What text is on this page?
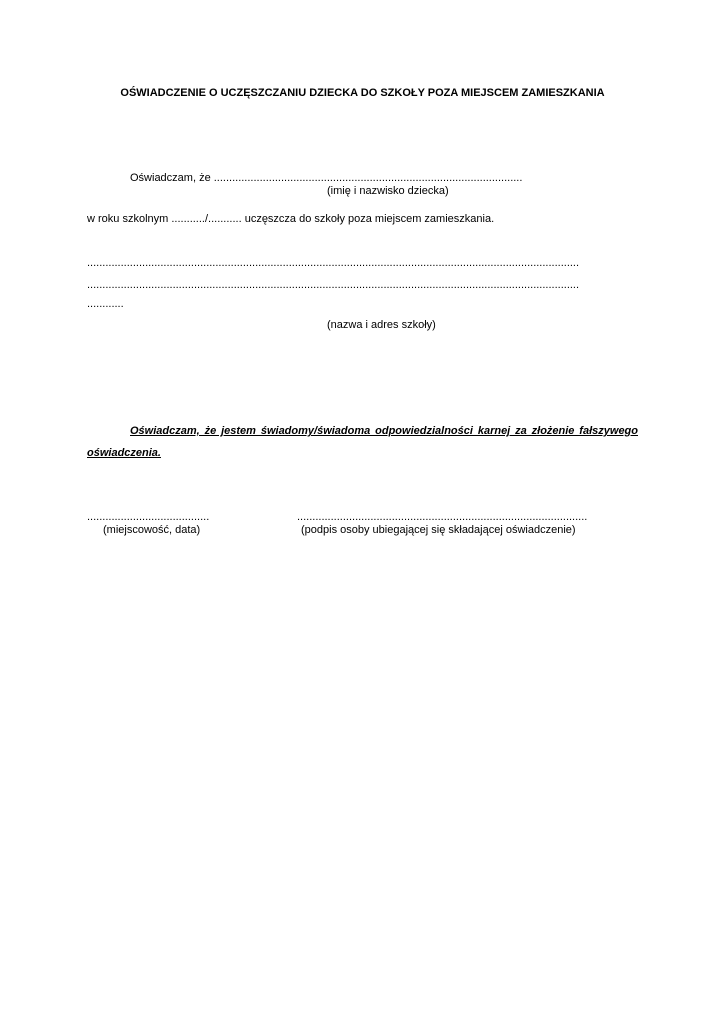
OŚWIADCZENIE O UCZĘSZCZANIU DZIECKA DO SZKOŁY POZA MIEJSCEM ZAMIESZKANIA
Oświadczam, że .....................................................................................................
(imię i nazwisko dziecka)
w roku szkolnym .........../........... uczęszcza do szkoły poza miejscem zamieszkania.
.................................................................................................................................................................
.................................................................................................................................................................
............
(nazwa i adres szkoły)
Oświadczam, że jestem świadomy/świadoma odpowiedzialności karnej za złożenie fałszywego oświadczenia.
........................................	...............................................................................................
(miejscowość, data)	(podpis osoby ubiegającej się składającej oświadczenie)
